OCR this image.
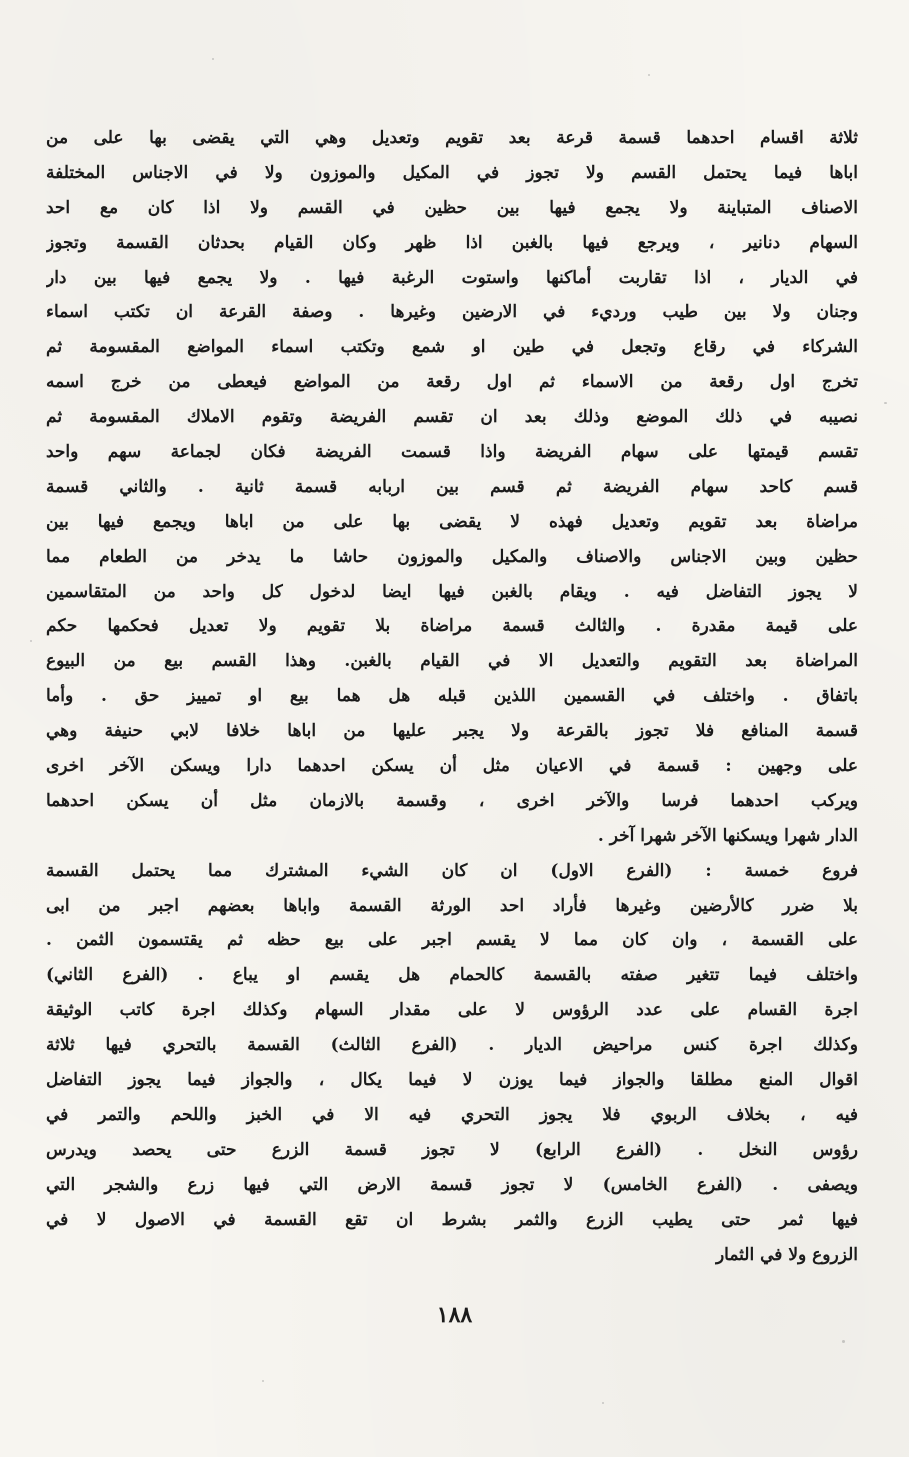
ثلاثة اقسام احدهما قسمة قرعة بعد تقويم وتعديل وهي التي يقضى بها على من
اباها فيما يحتمل القسم ولا تجوز في المكيل والموزون ولا في الاجناس المختلفة
الاصناف المتباينة ولا يجمع فيها بين حظين في القسم ولا اذا كان مع احد
السهام دنانير ، ويرجع فيها بالغبن اذا ظهر وكان القيام بحدثان القسمة وتجوز
في الديار ، اذا تقاربت أماكنها واستوت الرغبة فيها . ولا يجمع فيها بين دار
وجنان ولا بين طيب ورديء في الارضين وغيرها . وصفة القرعة ان تكتب اسماء
الشركاء في رقاع وتجعل في طين او شمع وتكتب اسماء المواضع المقسومة ثم
تخرج اول رقعة من الاسماء ثم اول رقعة من المواضع فيعطى من خرج اسمه
نصيبه في ذلك الموضع وذلك بعد ان تقسم الفريضة وتقوم الاملاك المقسومة ثم
تقسم قيمتها على سهام الفريضة واذا قسمت الفريضة فكان لجماعة سهم واحد
قسم كاحد سهام الفريضة ثم قسم بين اربابه قسمة ثانية . والثاني قسمة
مراضاة بعد تقويم وتعديل فهذه لا يقضى بها على من اباها ويجمع فيها بين
حظين وبين الاجناس والاصناف والمكيل والموزون حاشا ما يدخر من الطعام مما
لا يجوز التفاضل فيه . ويقام بالغبن فيها ايضا لدخول كل واحد من المتقاسمين
على قيمة مقدرة . والثالث قسمة مراضاة بلا تقويم ولا تعديل فحكمها حكم
المراضاة بعد التقويم والتعديل الا في القيام بالغبن. وهذا القسم بيع من البيوع
باتفاق . واختلف في القسمين اللذين قبله هل هما بيع او تمييز حق . وأما
قسمة المنافع فلا تجوز بالقرعة ولا يجبر عليها من اباها خلافا لابي حنيفة وهي
على وجهين : قسمة في الاعيان مثل أن يسكن احدهما دارا ويسكن الآخر اخرى
ويركب احدهما فرسا والآخر اخرى ، وقسمة بالازمان مثل أن يسكن احدهما
الدار شهرا ويسكنها الآخر شهرا آخر .
فروع خمسة : (الفرع الاول) ان كان الشيء المشترك مما يحتمل القسمة
بلا ضرر كالأرضين وغيرها فأراد احد الورثة القسمة واباها بعضهم اجبر من ابى
على القسمة ، وان كان مما لا يقسم اجبر على بيع حظه ثم يقتسمون الثمن .
واختلف فيما تتغير صفته بالقسمة كالحمام هل يقسم او يباع . (الفرع الثاني)
اجرة القسام على عدد الرؤوس لا على مقدار السهام وكذلك اجرة كاتب الوثيقة
وكذلك اجرة كنس مراحيض الديار . (الفرع الثالث) القسمة بالتحري فيها ثلاثة
اقوال المنع مطلقا والجواز فيما يوزن لا فيما يكال ، والجواز فيما يجوز التفاضل
فيه ، بخلاف الربوي فلا يجوز التحري فيه الا في الخبز واللحم والتمر في
رؤوس النخل . (الفرع الرابع) لا تجوز قسمة الزرع حتى يحصد ويدرس
ويصفى . (الفرع الخامس) لا تجوز قسمة الارض التي فيها زرع والشجر التي
فيها ثمر حتى يطيب الزرع والثمر بشرط ان تقع القسمة في الاصول لا في
الزروع ولا في الثمار
١٨٨
